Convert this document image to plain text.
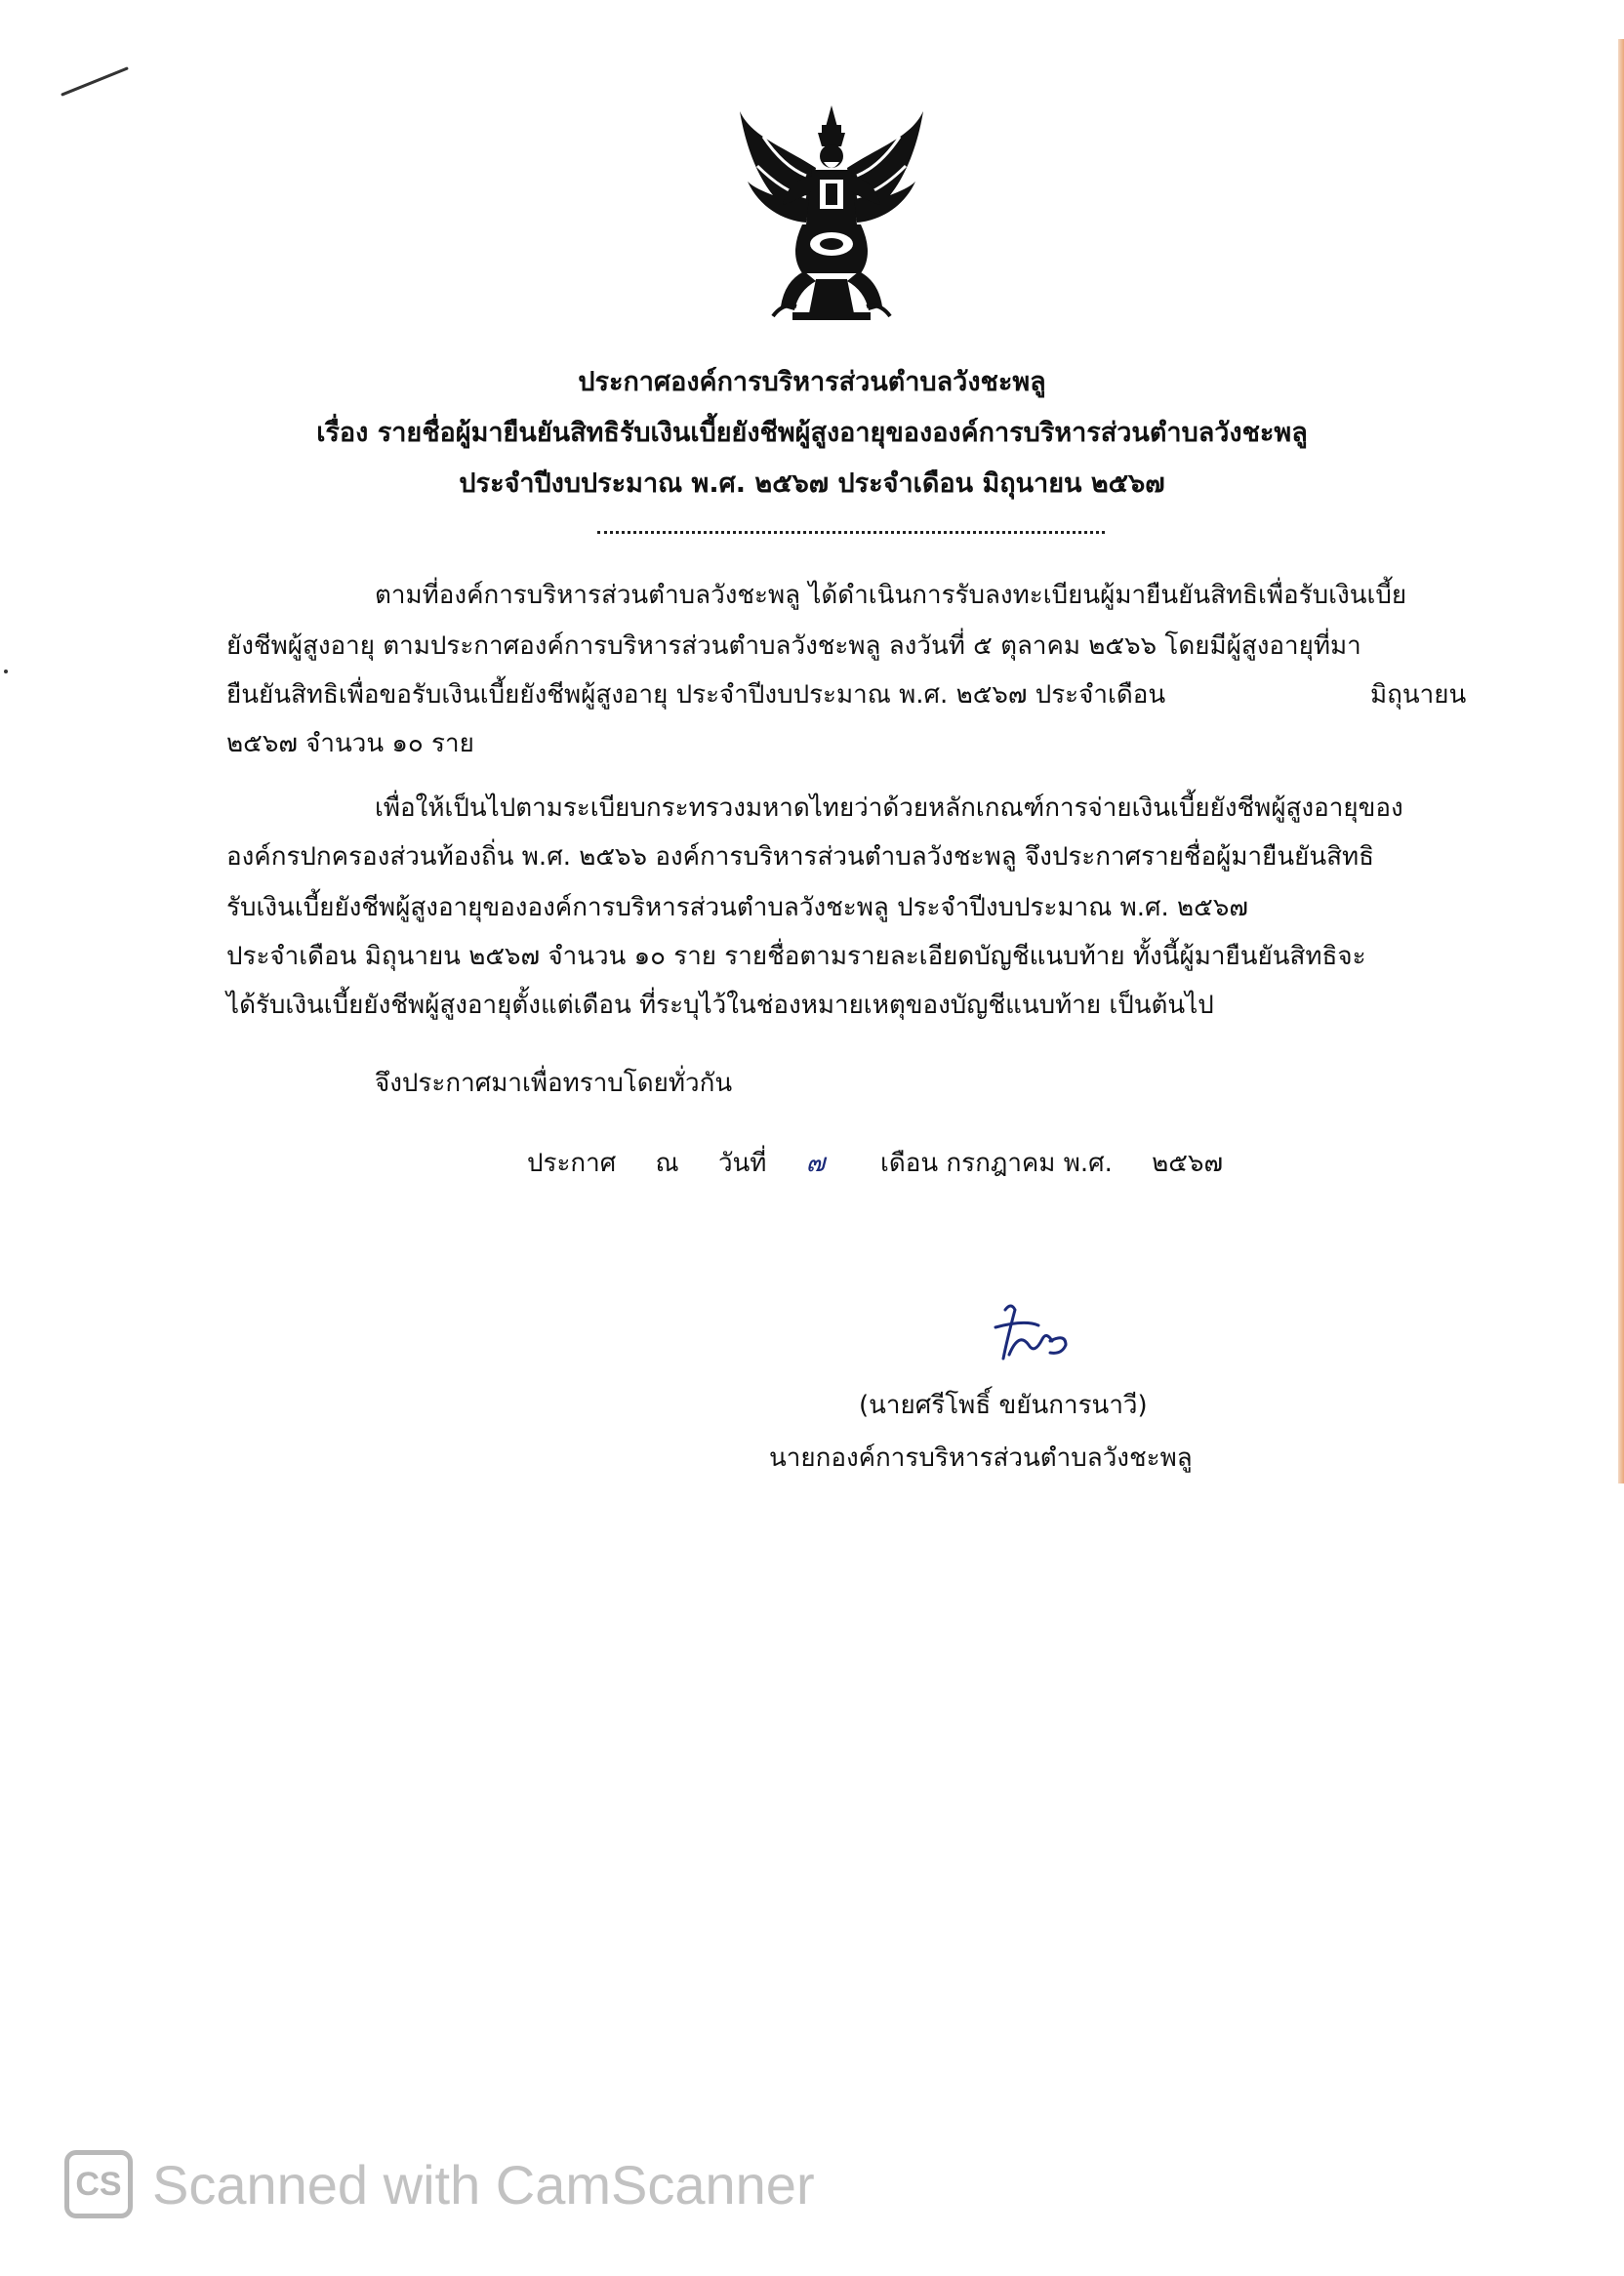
ประกาศองค์การบริหารส่วนตำบลวังชะพลู
เรื่อง รายชื่อผู้มายืนยันสิทธิรับเงินเบี้ยยังชีพผู้สูงอายุขององค์การบริหารส่วนตำบลวังชะพลู
ประจำปีงบประมาณ พ.ศ. ๒๕๖๗ ประจำเดือน มิถุนายน ๒๕๖๗
ตามที่องค์การบริหารส่วนตำบลวังชะพลู ได้ดำเนินการรับลงทะเบียนผู้มายืนยันสิทธิเพื่อรับเงินเบี้ย
ยังชีพผู้สูงอายุ ตามประกาศองค์การบริหารส่วนตำบลวังชะพลู ลงวันที่ ๕ ตุลาคม ๒๕๖๖ โดยมีผู้สูงอายุที่มา
ยืนยันสิทธิเพื่อขอรับเงินเบี้ยยังชีพผู้สูงอายุ ประจำปีงบประมาณ พ.ศ. ๒๕๖๗ ประจำเดือน	มิถุนายน
๒๕๖๗ จำนวน ๑๐ ราย
เพื่อให้เป็นไปตามระเบียบกระทรวงมหาดไทยว่าด้วยหลักเกณฑ์การจ่ายเงินเบี้ยยังชีพผู้สูงอายุของ
องค์กรปกครองส่วนท้องถิ่น พ.ศ. ๒๕๖๖ องค์การบริหารส่วนตำบลวังชะพลู จึงประกาศรายชื่อผู้มายืนยันสิทธิ
รับเงินเบี้ยยังชีพผู้สูงอายุขององค์การบริหารส่วนตำบลวังชะพลู ประจำปีงบประมาณ พ.ศ. ๒๕๖๗
ประจำเดือน มิถุนายน ๒๕๖๗ จำนวน ๑๐ ราย รายชื่อตามรายละเอียดบัญชีแนบท้าย ทั้งนี้ผู้มายืนยันสิทธิจะ
ได้รับเงินเบี้ยยังชีพผู้สูงอายุตั้งแต่เดือน ที่ระบุไว้ในช่องหมายเหตุของบัญชีแนบท้าย เป็นต้นไป
จึงประกาศมาเพื่อทราบโดยทั่วกัน
ประกาศ ณ วันที่ ๗ เดือน กรกฎาคม พ.ศ. ๒๕๖๗
(นายศรีโพธิ์ ขยันการนาวี)
นายกองค์การบริหารส่วนตำบลวังชะพลู
CS Scanned with CamScanner
